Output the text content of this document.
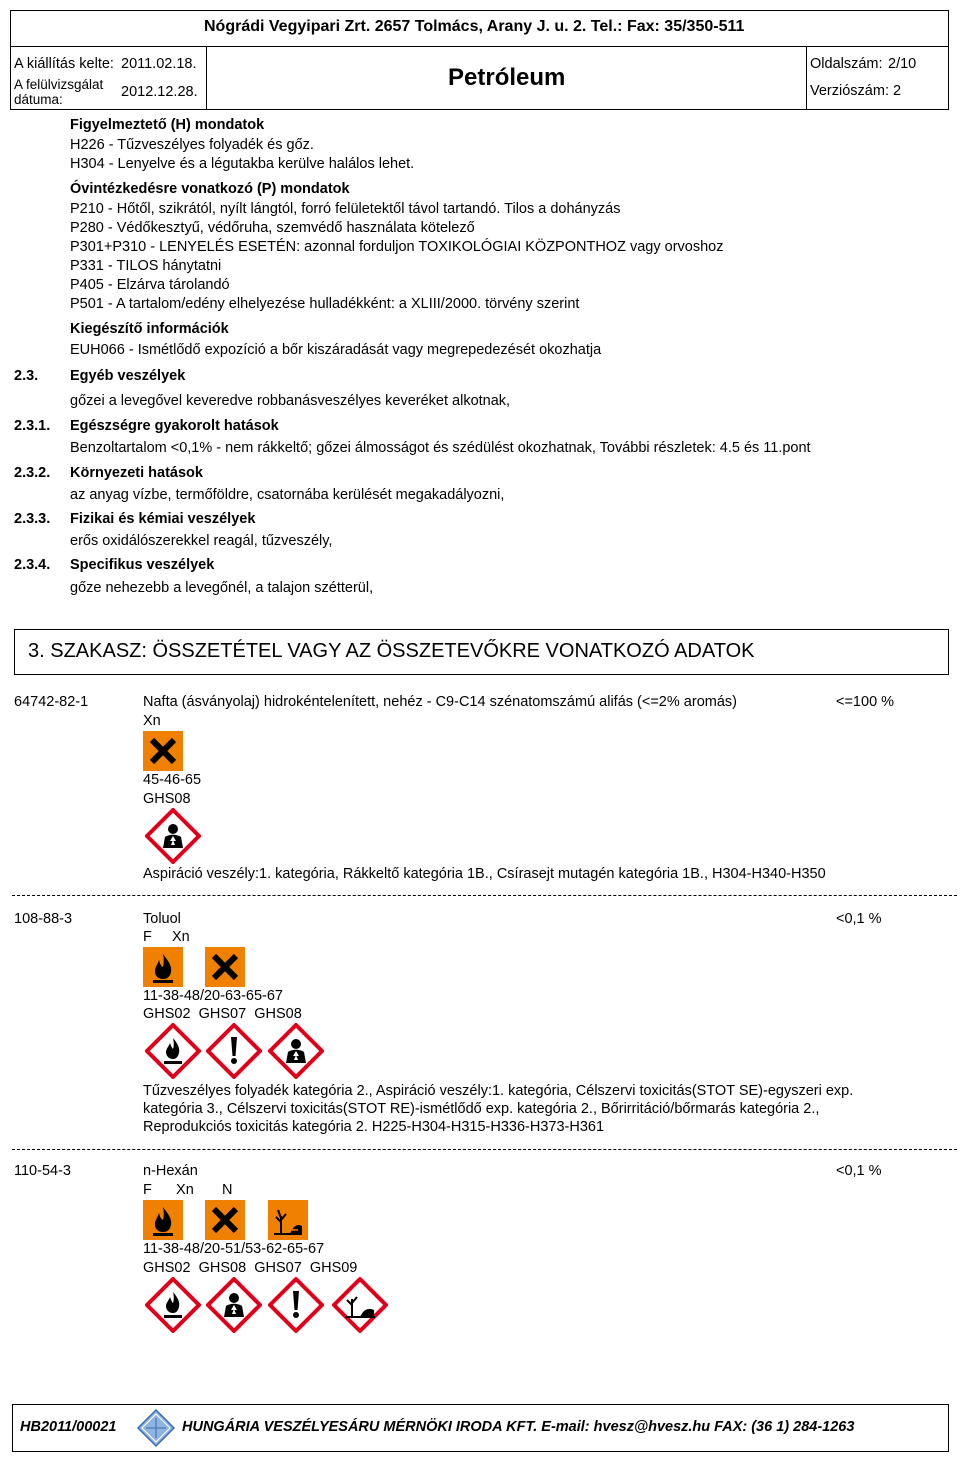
Nógrádi Vegyipari Zrt. 2657 Tolmács, Arany J. u. 2. Tel.: Fax: 35/350-511
A kiállítás kelte: 2011.02.18.
A felülvizsgálat
dátuma:	2012.12.28.
Petróleum	Oldalszám: 2/10
Verziószám: 2
Figyelmeztető (H) mondatok
H226 - Tűzveszélyes folyadék és gőz.
H304 - Lenyelve és a légutakba kerülve halálos lehet.
Óvintézkedésre vonatkozó (P) mondatok
P210 - Hőtől, szikrától, nyílt lángtól, forró felületektől távol tartandó. Tilos a dohányzás
P280 - Védőkesztyű, védőruha, szemvédő használata kötelező
P301+P310 - LENYELÉS ESETÉN: azonnal forduljon TOXIKOLÓGIAI KÖZPONTHOZ vagy orvoshoz
P331 - TILOS hánytatni
P405 - Elzárva tárolandó
P501 - A tartalom/edény elhelyezése hulladékként: a XLIII/2000. törvény szerint
Kiegészítő információk
EUH066 - Ismétlődő expozíció a bőr kiszáradását vagy megrepedezését okozhatja
2.3. Egyéb veszélyek
gőzei a levegővel keveredve robbanásveszélyes keveréket alkotnak,
2.3.1. Egészségre gyakorolt hatások
Benzoltartalom <0,1% - nem rákkeltő; gőzei álmosságot és szédülést okozhatnak, További részletek: 4.5 és 11.pont
2.3.2. Környezeti hatások
az anyag vízbe, termőföldre, csatornába kerülését megakadályozni,
2.3.3. Fizikai és kémiai veszélyek
erős oxidálószerekkel reagál, tűzveszély,
2.3.4. Specifikus veszélyek
gőze nehezebb a levegőnél, a talajon szétterül,
3. SZAKASZ: ÖSSZETÉTEL VAGY AZ ÖSSZETEVŐKRE VONATKOZÓ ADATOK
64742-82-1	Nafta (ásványolaj) hidrokéntelenített, nehéz - C9-C14 szénatomszámú alifás (<=2% aromás)	<=100 %
Xn
45-46-65
GHS08
Aspiráció veszély:1. kategória, Rákkeltő kategória 1B., Csírasejt mutagén kategória 1B., H304-H340-H350
108-88-3	Toluol	<0,1 %
F     Xn
11-38-48/20-63-65-67
GHS02  GHS07  GHS08
Tűzveszélyes folyadék kategória 2., Aspiráció veszély:1. kategória, Célszervi toxicitás(STOT SE)-egyszeri exp.
kategória 3., Célszervi toxicitás(STOT RE)-ismétlődő exp. kategória 2., Bőrirritáció/bőrmarás kategória 2.,
Reprodukciós toxicitás kategória 2. H225-H304-H315-H336-H373-H361
110-54-3	n-Hexán	<0,1 %
F      Xn       N
11-38-48/20-51/53-62-65-67
GHS02  GHS08  GHS07  GHS09
HB2011/00021	HUNGÁRIA VESZÉLYESÁRU MÉRNÖKI IRODA KFT. E-mail: hvesz@hvesz.hu FAX: (36 1) 284-1263
